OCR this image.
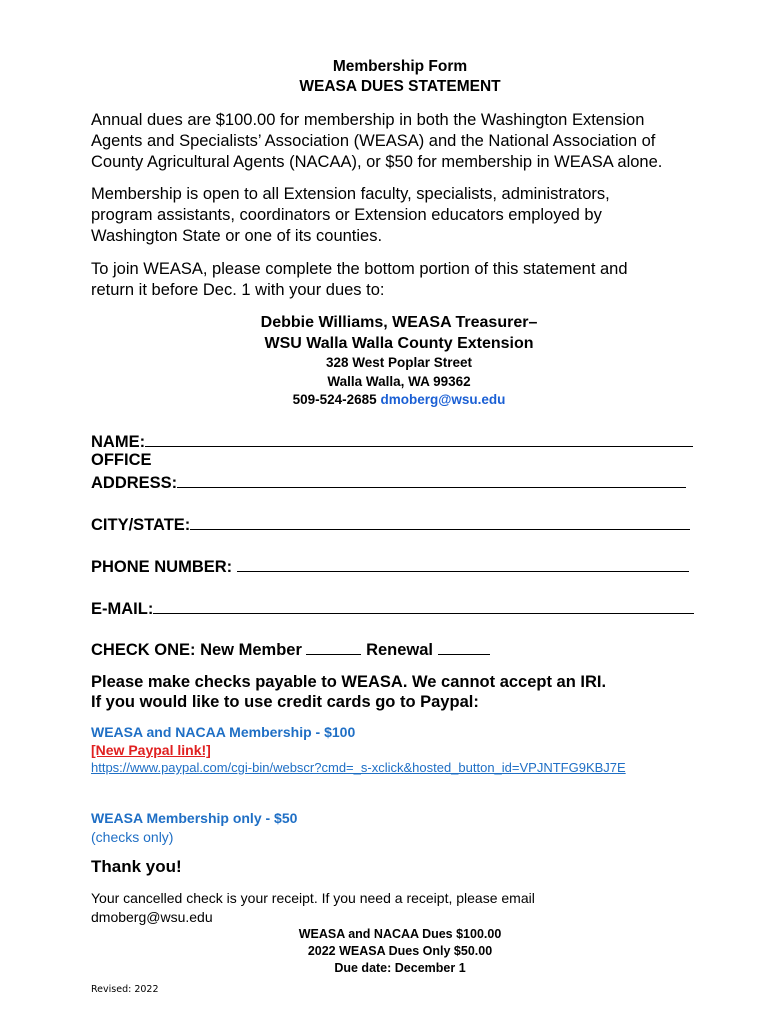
Membership Form
WEASA DUES STATEMENT
Annual dues are $100.00 for membership in both the Washington Extension
Agents and Specialists’ Association (WEASA) and the National Association of
County Agricultural Agents (NACAA), or $50 for membership in WEASA alone.
Membership is open to all Extension faculty, specialists, administrators,
program assistants, coordinators or Extension educators employed by
Washington State or one of its counties.
To join WEASA, please complete the bottom portion of this statement and
return it before Dec. 1 with your dues to:
Debbie Williams, WEASA Treasurer–
WSU Walla Walla County Extension
328 West Poplar Street
Walla Walla, WA 99362
509-524-2685 dmoberg@wsu.edu
NAME:
OFFICE
ADDRESS:
CITY/STATE:
PHONE NUMBER:
E-MAIL:
CHECK ONE: New Member	Renewal
Please make checks payable to WEASA. We cannot accept an IRI.
If you would like to use credit cards go to Paypal:
WEASA and NACAA Membership - $100
[New Paypal link!]
https://www.paypal.com/cgi-bin/webscr?cmd=_s-xclick&hosted_button_id=VPJNTFG9KBJ7E
WEASA Membership only - $50
(checks only)
Thank you!
Your cancelled check is your receipt. If you need a receipt, please email
dmoberg@wsu.edu
WEASA and NACAA Dues $100.00
2022 WEASA Dues Only $50.00
Due date: December 1
Revised: 2022
